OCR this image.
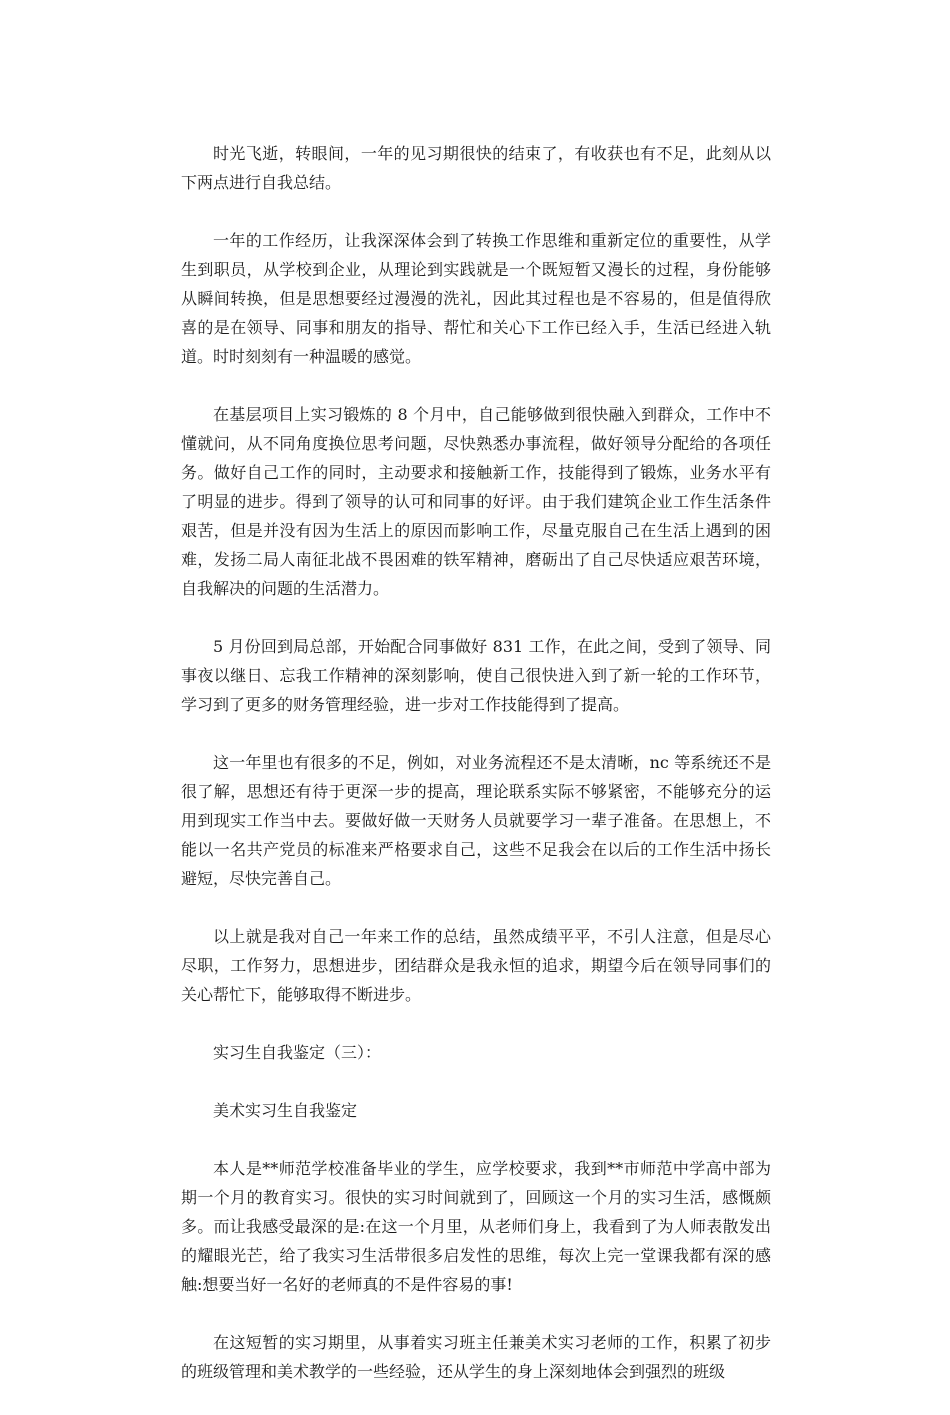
时光飞逝，转眼间，一年的见习期很快的结束了，有收获也有不足，此刻从以下两点进行自我总结。

一年的工作经历，让我深深体会到了转换工作思维和重新定位的重要性，从学生到职员，从学校到企业，从理论到实践就是一个既短暂又漫长的过程，身份能够从瞬间转换，但是思想要经过漫漫的洗礼，因此其过程也是不容易的，但是值得欣喜的是在领导、同事和朋友的指导、帮忙和关心下工作已经入手，生活已经进入轨道。时时刻刻有一种温暖的感觉。

在基层项目上实习锻炼的 8 个月中，自己能够做到很快融入到群众，工作中不懂就问，从不同角度换位思考问题，尽快熟悉办事流程，做好领导分配给的各项任务。做好自己工作的同时，主动要求和接触新工作，技能得到了锻炼，业务水平有了明显的进步。得到了领导的认可和同事的好评。由于我们建筑企业工作生活条件艰苦，但是并没有因为生活上的原因而影响工作，尽量克服自己在生活上遇到的困难，发扬二局人南征北战不畏困难的铁军精神，磨砺出了自己尽快适应艰苦环境，自我解决的问题的生活潜力。

5 月份回到局总部，开始配合同事做好 831 工作，在此之间，受到了领导、同事夜以继日、忘我工作精神的深刻影响，使自己很快进入到了新一轮的工作环节，学习到了更多的财务管理经验，进一步对工作技能得到了提高。

这一年里也有很多的不足，例如，对业务流程还不是太清晰，nc 等系统还不是很了解，思想还有待于更深一步的提高，理论联系实际不够紧密，不能够充分的运用到现实工作当中去。要做好做一天财务人员就要学习一辈子准备。在思想上，不能以一名共产党员的标准来严格要求自己，这些不足我会在以后的工作生活中扬长避短，尽快完善自己。

以上就是我对自己一年来工作的总结，虽然成绩平平，不引人注意，但是尽心尽职，工作努力，思想进步，团结群众是我永恒的追求，期望今后在领导同事们的关心帮忙下，能够取得不断进步。

实习生自我鉴定（三）：

美术实习生自我鉴定

本人是**师范学校准备毕业的学生，应学校要求，我到**市师范中学高中部为期一个月的教育实习。很快的实习时间就到了，回顾这一个月的实习生活，感慨颇多。而让我感受最深的是:在这一个月里，从老师们身上，我看到了为人师表散发出的耀眼光芒，给了我实习生活带很多启发性的思维，每次上完一堂课我都有深的感触:想要当好一名好的老师真的不是件容易的事!

在这短暂的实习期里，从事着实习班主任兼美术实习老师的工作，积累了初步的班级管理和美术教学的一些经验，还从学生的身上深刻地体会到强烈的班级
